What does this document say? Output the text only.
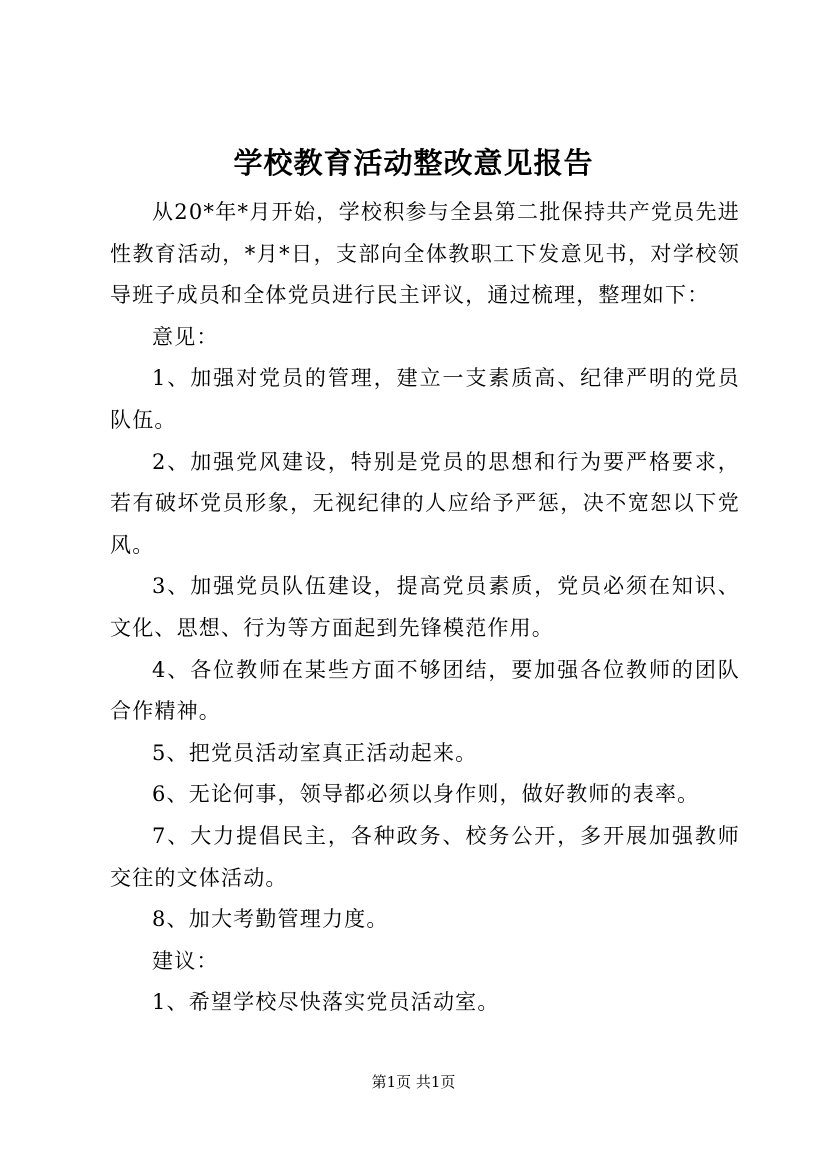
学校教育活动整改意见报告

从20*年*月开始，学校积参与全县第二批保持共产党员先进性教育活动，*月*日，支部向全体教职工下发意见书，对学校领导班子成员和全体党员进行民主评议，通过梳理，整理如下：

意见：

1、加强对党员的管理，建立一支素质高、纪律严明的党员队伍。

2、加强党风建设，特别是党员的思想和行为要严格要求，若有破坏党员形象，无视纪律的人应给予严惩，决不宽恕以下党风。

3、加强党员队伍建设，提高党员素质，党员必须在知识、文化、思想、行为等方面起到先锋模范作用。

4、各位教师在某些方面不够团结，要加强各位教师的团队合作精神。

5、把党员活动室真正活动起来。

6、无论何事，领导都必须以身作则，做好教师的表率。

7、大力提倡民主，各种政务、校务公开，多开展加强教师交往的文体活动。

8、加大考勤管理力度。

建议：

1、希望学校尽快落实党员活动室。

第1页 共1页
